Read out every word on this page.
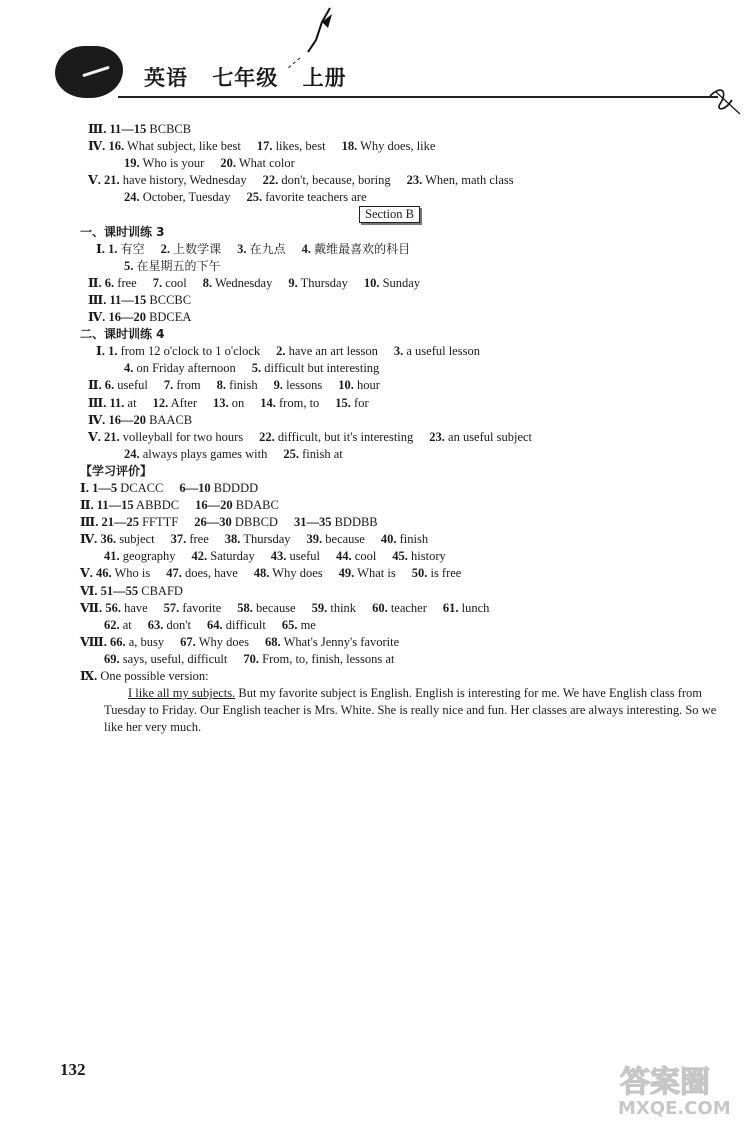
英语 七年级 上册
Ⅲ. 11—15 BCBCB
Ⅳ. 16. What subject, like best 17. likes, best 18. Why does, like
19. Who is your 20. What color
Ⅴ. 21. have history, Wednesday 22. don't, because, boring 23. When, math class
24. October, Tuesday 25. favorite teachers are
Section B
一、课时训练 3
Ⅰ. 1. 有空 2. 上数学课 3. 在九点 4. 戴维最喜欢的科目
5. 在星期五的下午
Ⅱ. 6. free 7. cool 8. Wednesday 9. Thursday 10. Sunday
Ⅲ. 11—15 BCCBC
Ⅳ. 16—20 BDCEA
二、课时训练 4
Ⅰ. 1. from 12 o'clock to 1 o'clock 2. have an art lesson 3. a useful lesson
4. on Friday afternoon 5. difficult but interesting
Ⅱ. 6. useful 7. from 8. finish 9. lessons 10. hour
Ⅲ. 11. at 12. After 13. on 14. from, to 15. for
Ⅳ. 16—20 BAACB
Ⅴ. 21. volleyball for two hours 22. difficult, but it's interesting 23. an useful subject
24. always plays games with 25. finish at
【学习评价】
Ⅰ. 1—5 DCACC 6—10 BDDDD
Ⅱ. 11—15 ABBDC 16—20 BDABC
Ⅲ. 21—25 FFTTF 26—30 DBBCD 31—35 BDDBB
Ⅳ. 36. subject 37. free 38. Thursday 39. because 40. finish
41. geography 42. Saturday 43. useful 44. cool 45. history
Ⅴ. 46. Who is 47. does, have 48. Why does 49. What is 50. is free
Ⅵ. 51—55 CBAFD
Ⅶ. 56. have 57. favorite 58. because 59. think 60. teacher 61. lunch
62. at 63. don't 64. difficult 65. me
Ⅷ. 66. a, busy 67. Why does 68. What's Jenny's favorite
69. says, useful, difficult 70. From, to, finish, lessons at
Ⅸ. One possible version:
I like all my subjects. But my favorite subject is English. English is interesting for me. We have English class from Tuesday to Friday. Our English teacher is Mrs. White. She is really nice and fun. Her classes are always interesting. So we like her very much.
132	答案圈
MXQE.COM
